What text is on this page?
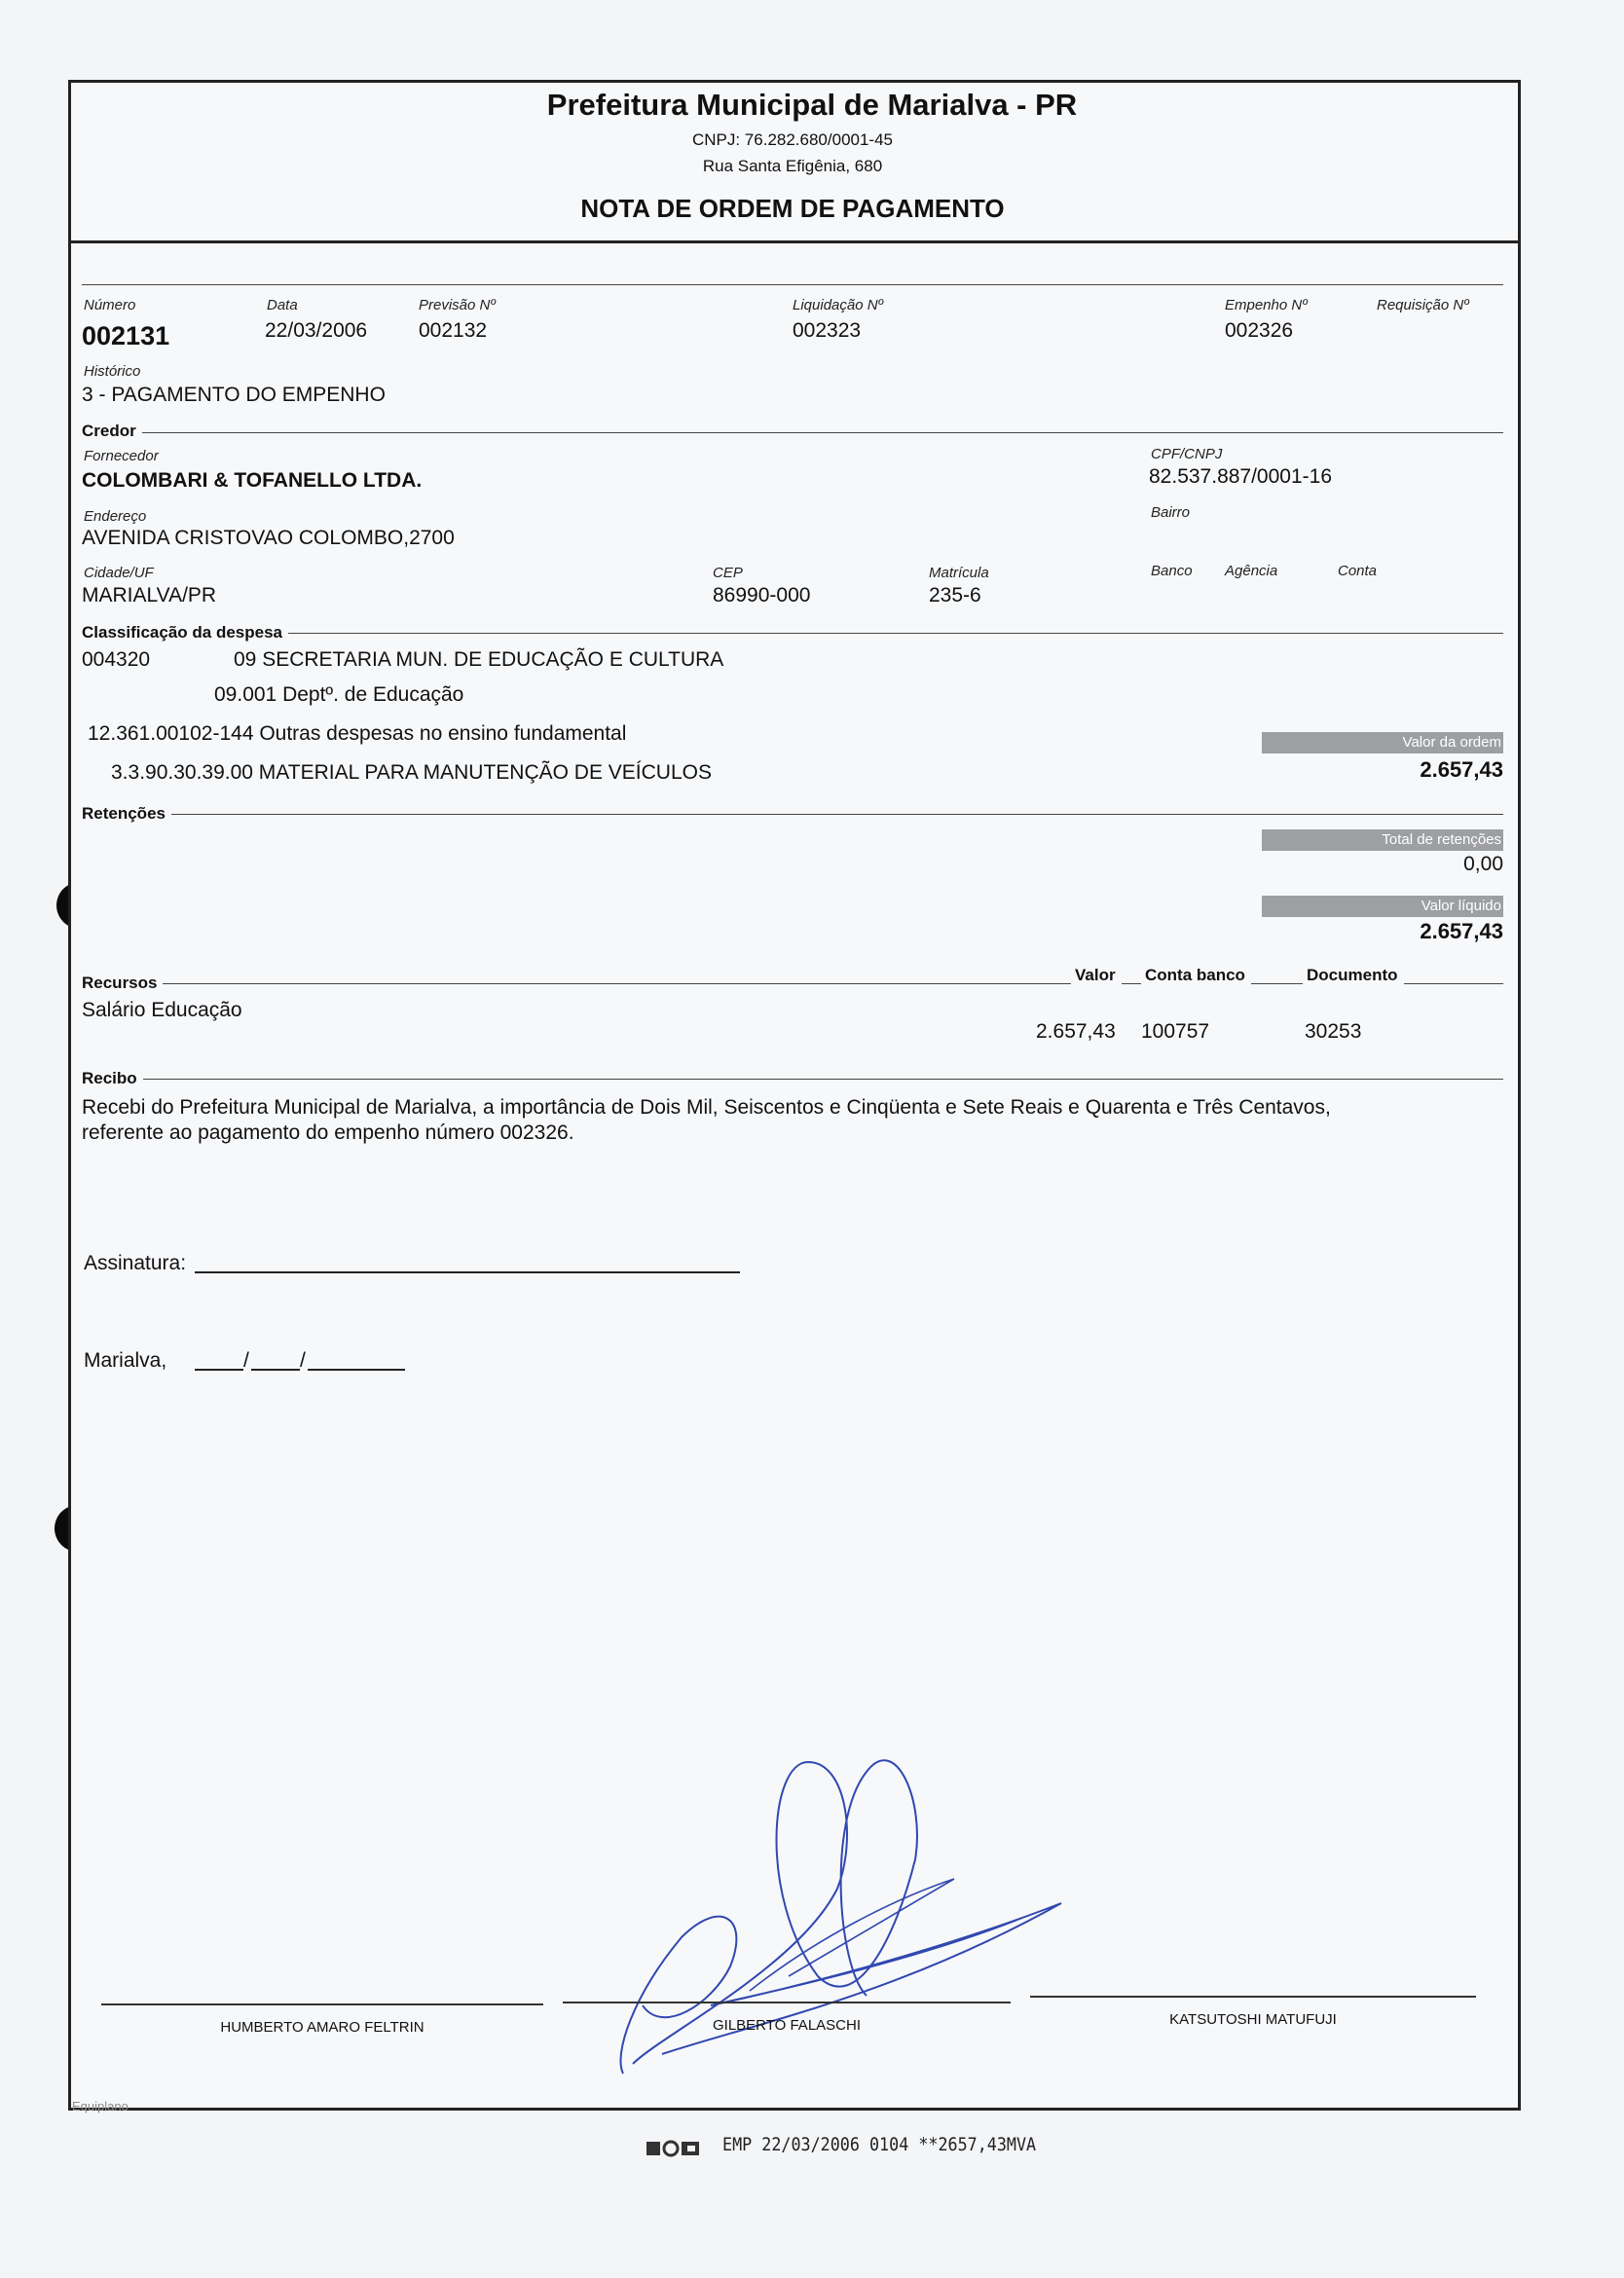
Prefeitura Municipal de Marialva - PR
CNPJ: 76.282.680/0001-45
Rua Santa Efigênia, 680
NOTA DE ORDEM DE PAGAMENTO
Número
002131
Data
22/03/2006
Previsão Nº
002132
Liquidação Nº
002323
Empenho Nº
002326
Requisição Nº
Histórico
3 - PAGAMENTO DO EMPENHO
Credor
Fornecedor
COLOMBARI & TOFANELLO LTDA.
CPF/CNPJ
82.537.887/0001-16
Endereço
AVENIDA CRISTOVAO COLOMBO,2700
Bairro
Cidade/UF
MARIALVA/PR
CEP
86990-000
Matrícula
235-6
Banco Agência	Conta
Classificação da despesa
004320	09 SECRETARIA MUN. DE EDUCAÇÃO E CULTURA
09.001 Deptº. de Educação
12.361.00102-144 Outras despesas no ensino fundamental
3.3.90.30.39.00 MATERIAL PARA MANUTENÇÃO DE VEÍCULOS
Valor da ordem
2.657,43
Retenções
Total de retenções
0,00
Valor líquido
2.657,43
Recursos	Valor	Conta banco	Documento
Salário Educação
2.657,43 100757	30253
Recibo
Recebi do Prefeitura Municipal de Marialva, a importância de Dois Mil, Seiscentos e Cinqüenta e Sete Reais e Quarenta e Três Centavos,
referente ao pagamento do empenho número 002326.
Assinatura:
Marialva,	/ /
HUMBERTO AMARO FELTRIN	GILBERTO FALASCHI	KATSUTOSHI MATUFUJI
Equiplano
EMP 22/03/2006 0104 **2657,43MVA
